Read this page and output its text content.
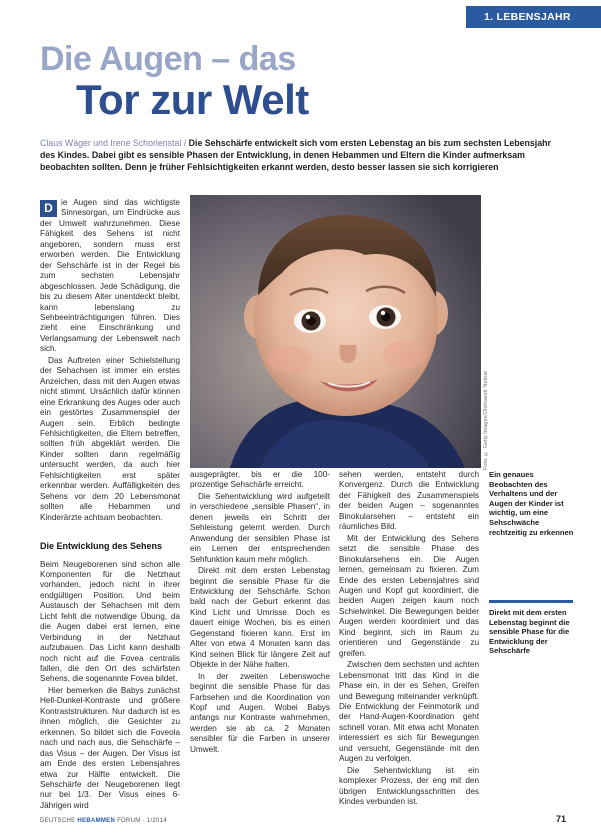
1. LEBENSJAHR
Die Augen – das
Tor zur Welt
Claus Wäger und Irene Schorlenstal / Die Sehschärfe entwickelt sich vom ersten Lebenstag an bis zum sechsten Lebensjahr des Kindes. Dabei gibt es sensible Phasen der Entwicklung, in denen Hebammen und Eltern die Kinder aufmerksam beobachten sollten. Denn je früher Fehlsichtigkeiten erkannt werden, desto besser lassen sie sich korrigieren

D ie Augen sind das wichtigste Sinnesorgan, um Eindrücke aus der Umwelt wahrzunehmen. Diese Fähigkeit des Sehens ist nicht angeboren, sondern muss erst erworben werden. Die Entwicklung der Sehschärfe ist in der Regel bis zum sechsten Lebensjahr abgeschlossen. Jede Schädigung, die bis zu diesem Alter unentdeckt bleibt, kann lebenslang zu Sehbeeinträchtigungen führen. Dies zieht eine Einschränkung und Verlangsamung der Lebenswelt nach sich.

Das Auftreten einer Schielstellung der Sehachsen ist immer ein erstes Anzeichen, dass mit den Augen etwas nicht stimmt. Ursächlich dafür können eine Erkrankung des Auges oder auch ein gestörtes Zusammenspiel der Augen sein. Erblich bedingte Fehlsichtigkeiten, die Eltern betreffen, sollten früh abgeklärt werden. Die Kinder sollten dann regelmäßig untersucht werden, da auch hier Fehlsichtigkeiten erst später erkennbar werden. Auffälligkeiten des Sehens vor dem 20 Lebensmonat sollten alle Hebammen und Kinderärzte achtsam beobachten.

Die Entwicklung des Sehens

Beim Neugeborenen sind schon alle Komponenten für die Netzhaut vorhanden, jedoch nicht in ihrer endgültigen Position. Und beim Austausch der Sehachsen mit dem Licht fehlt die notwendige Übung, da die Augen dabei erst lernen, eine Verbindung in der Netzhaut aufzubauen. Das Licht kann deshalb noch nicht auf die Fovea centralis fallen, die den Ort des schärfsten Sehens, die sogenannte Fovea bildet.

Hier bemerken die Babys zunächst Hell-Dunkel-Kontraste und größere Kontraststrukturen. Nur dadurch ist es ihnen möglich, die Gesichter zu erkennen. So bildet sich die Foveola nach und nach aus, die Sehschärfe – das Visus – der Augen. Der Visus ist am Ende des ersten Lebensjahres etwa zur Hälfte entwickelt. Die Sehschärfe der Neugeborenen liegt nur bei 1/3. Der Visus eines 6-Jährigen wird

Foto: © Getty Images/Oleksandr Nebrat
Ein genaues Beobachten des Verhaltens und der Augen der Kinder ist wichtig, um eine Sehschwäche rechtzeitig zu erkennen

ausgeprägter, bis er die 100-prozentige Sehschärfe erreicht.

Die Sehentwicklung wird aufgeteilt in verschiedene „sensible Phasen“, in denen jeweils ein Schritt der Sehleistung gelernt werden. Durch Anwendung der sensiblen Phase ist ein Lernen der entsprechenden Sehfunktion kaum mehr möglich.

Direkt mit dem ersten Lebenstag beginnt die sensible Phase für die Entwicklung der Sehschärfe. Schon bald nach der Geburt erkennt das Kind Licht und Umrisse. Doch es dauert einige Wochen, bis es einen Gegenstand fixieren kann. Erst im Alter von etwa 4 Monaten kann das Kind seinen Blick für längere Zeit auf Objekte in der Nähe halten.

In der zweiten Lebenswoche beginnt die sensible Phase für das Farbsehen und die Koordination von Kopf und Augen. Wobei Babys anfangs nur Kontraste wahrnehmen, werden sie ab ca. 2 Monaten sensibler für die Farben in unserer Umwelt.

sehen werden, entsteht durch Konvergenz. Durch die Entwicklung der Fähigkeit des Zusammenspiels der beiden Augen – sogenanntes Binokularsehen – entsteht ein räumliches Bild.

Mit der Entwicklung des Sehens setzt die sensible Phase des Binokularsehens ein. Die Augen lernen, gemeinsam zu fixieren. Zum Ende des ersten Lebensjahres sind Augen und Kopf gut koordiniert, die beiden Augen zeigen kaum noch Schielwinkel. Die Bewegungen beider Augen werden koordiniert und das Kind beginnt, sich im Raum zu orientieren und Gegenstände zu greifen.

Zwischen dem sechsten und achten Lebensmonat tritt das Kind in die Phase ein, in der es Sehen, Greifen und Bewegung miteinander verknüpft. Die Entwicklung der Feinmotorik und der Hand-Augen-Koordination geht schnell voran. Mit etwa acht Monaten interessiert es sich für Bewegungen und versucht, Gegenstände mit den Augen zu verfolgen.

Die Sehentwicklung ist ein komplexer Prozess, der eng mit den übrigen Entwicklungsschritten des Kindes verbunden ist.

Direkt mit dem ersten Lebenstag beginnt die sensible Phase für die Entwicklung der Sehschärfe
DEUTSCHE HEBAMMEN FORUM · 1/2014	71
